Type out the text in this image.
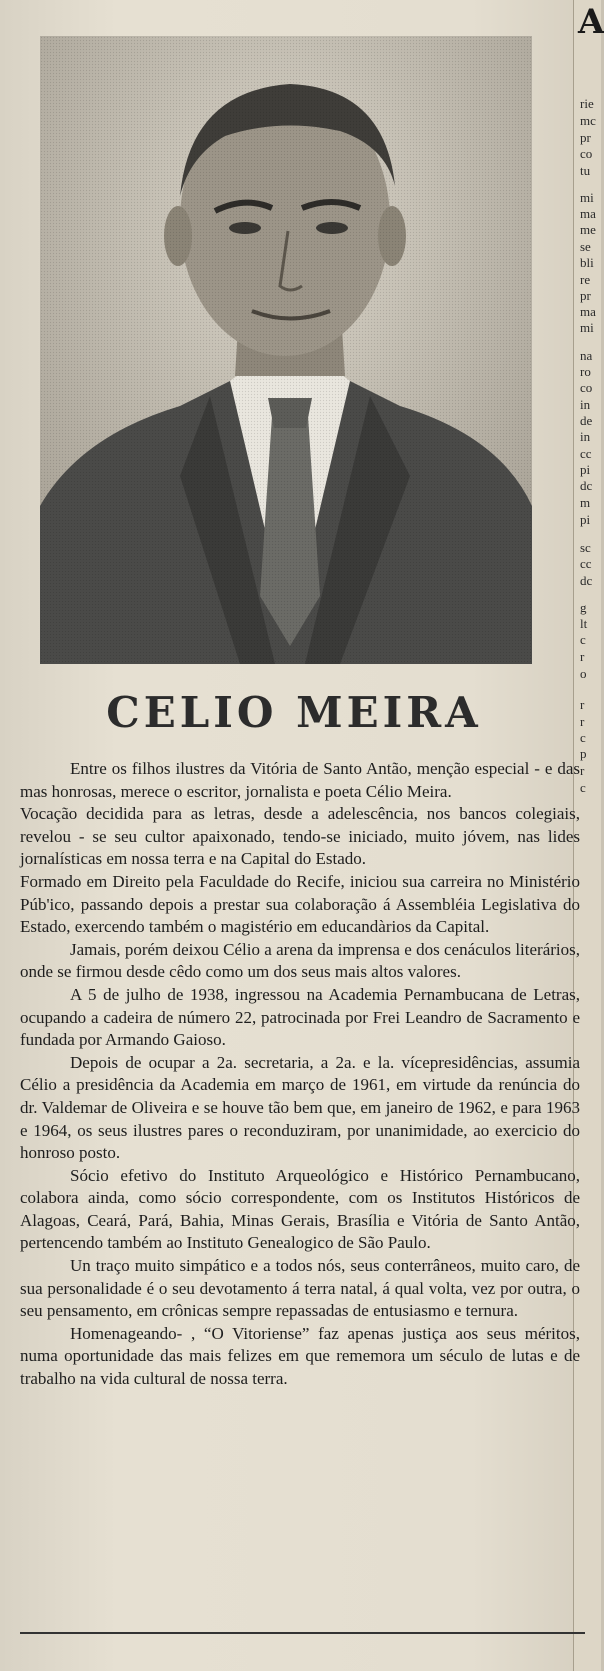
A
rie
mc
pr
co
tu
mi
ma
me
se
bli
re
pr
ma
mi
na
ro
co
in
de
in
cc
pi
dc
m
pi
sc
cc
dc
g
lt
c
r
o
r
r
c
p
r
c
CELIO MEIRA

Entre os filhos ilustres da Vitória de Santo Antão, menção especial - e das mas honrosas, merece o escritor, jornalista e poeta Célio Meira.

Vocação decidida para as letras, desde a adelescência, nos bancos colegiais, revelou - se seu cultor apaixonado, tendo-se iniciado, muito jóvem, nas lides jornalísticas em nossa terra e na Capital do Estado.

Formado em Direito pela Faculdade do Recife, iniciou sua carreira no Ministério Púb'ico, passando depois a prestar sua colaboração á Assembléia Legislativa do Estado, exercendo também o magistério em educandàrios da Capital.

Jamais, porém deixou Célio a arena da imprensa e dos cenáculos literários, onde se firmou desde cêdo como um dos seus mais altos valores.

A 5 de julho de 1938, ingressou na Academia Pernambucana de Letras, ocupando a cadeira de número 22, patrocinada por Frei Leandro de Sacramento e fundada por Armando Gaioso.

Depois de ocupar a 2a. secretaria, a 2a. e la. vícepresidências, assumia Célio a presidência da Academia em março de 1961, em virtude da renúncia do dr. Valdemar de Oliveira e se houve tão bem que, em janeiro de 1962, e para 1963 e 1964, os seus ilustres pares o reconduziram, por unanimidade, ao exercicio do honroso posto.

Sócio efetivo do Instituto Arqueológico e Histórico Pernambucano, colabora ainda, como sócio correspondente, com os Institutos Históricos de Alagoas, Ceará, Pará, Bahia, Minas Gerais, Brasília e Vitória de Santo Antão, pertencendo também ao Instituto Genealogico de São Paulo.

Un traço muito simpático e a todos nós, seus conterrâneos, muito caro, de sua personalidade é o seu devotamento á terra natal, á qual volta, vez por outra, o seu pensamento, em crônicas sempre repassadas de entusiasmo e ternura.

Homenageando- , “O Vitoriense” faz apenas justiça aos seus méritos, numa oportunidade das mais felizes em que rememora um século de lutas e de trabalho na vida cultural de nossa terra.
